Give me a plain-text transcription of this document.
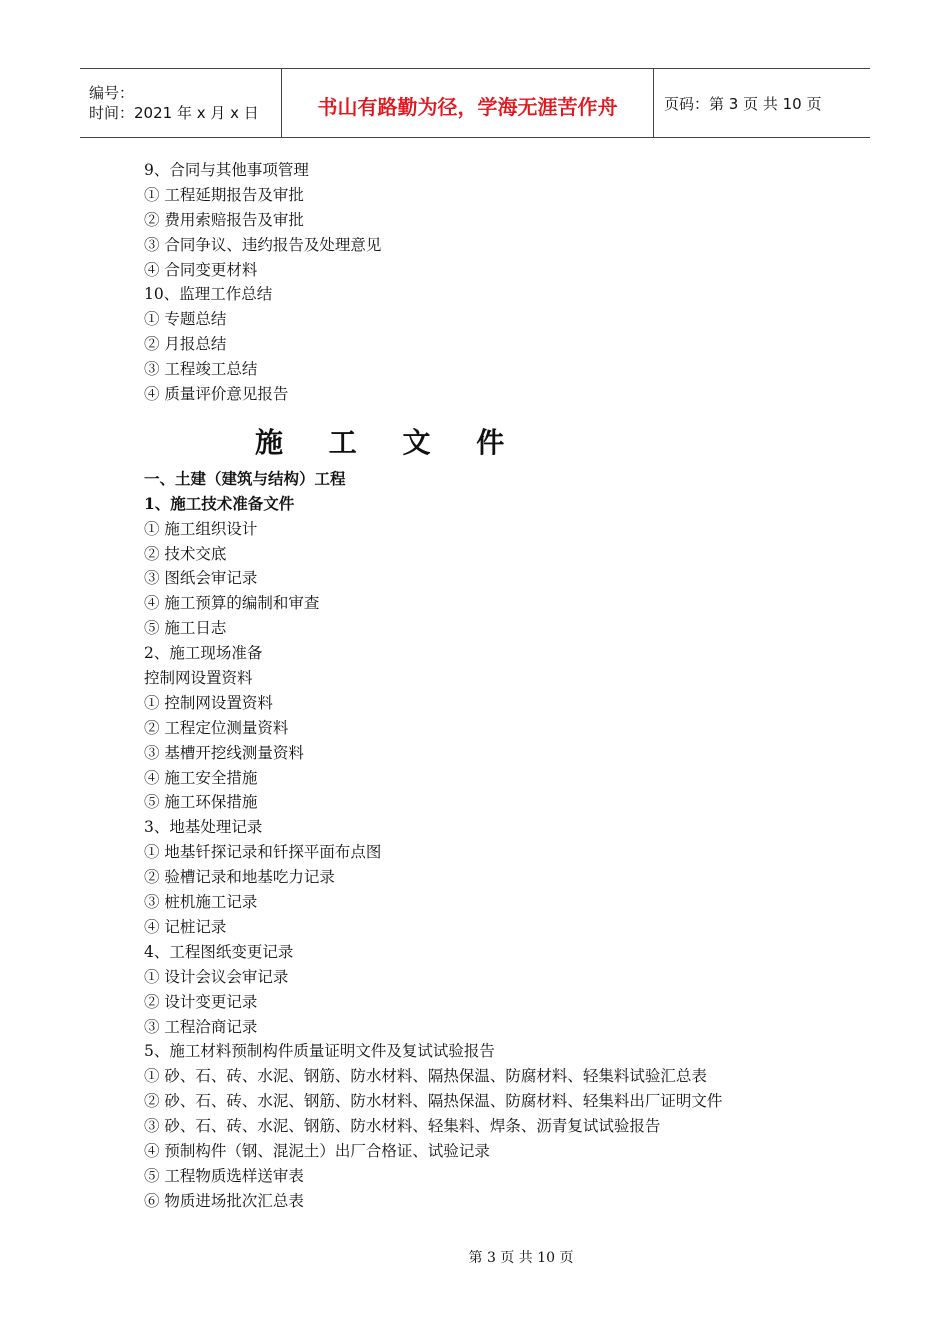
编号：
时间：2021 年 x 月 x 日	书山有路勤为径，学海无涯苦作舟	页码：第 3 页 共 10 页
9、合同与其他事项管理
① 工程延期报告及审批
② 费用索赔报告及审批
③ 合同争议、违约报告及处理意见
④ 合同变更材料
10、监理工作总结
① 专题总结
② 月报总结
③ 工程竣工总结
④ 质量评价意见报告
施 工 文 件
一、土建（建筑与结构）工程
1、施工技术准备文件
① 施工组织设计
② 技术交底
③ 图纸会审记录
④ 施工预算的编制和审查
⑤ 施工日志
2、施工现场准备
控制网设置资料
① 控制网设置资料
② 工程定位测量资料
③ 基槽开挖线测量资料
④ 施工安全措施
⑤ 施工环保措施
3、地基处理记录
① 地基钎探记录和钎探平面布点图
② 验槽记录和地基吃力记录
③ 桩机施工记录
④ 记桩记录
4、工程图纸变更记录
① 设计会议会审记录
② 设计变更记录
③ 工程洽商记录
5、施工材料预制构件质量证明文件及复试试验报告
① 砂、石、砖、水泥、钢筋、防水材料、隔热保温、防腐材料、轻集料试验汇总表
② 砂、石、砖、水泥、钢筋、防水材料、隔热保温、防腐材料、轻集料出厂证明文件
③ 砂、石、砖、水泥、钢筋、防水材料、轻集料、焊条、沥青复试试验报告
④ 预制构件（钢、混泥土）出厂合格证、试验记录
⑤ 工程物质选样送审表
⑥ 物质进场批次汇总表
第 3 页 共 10 页
